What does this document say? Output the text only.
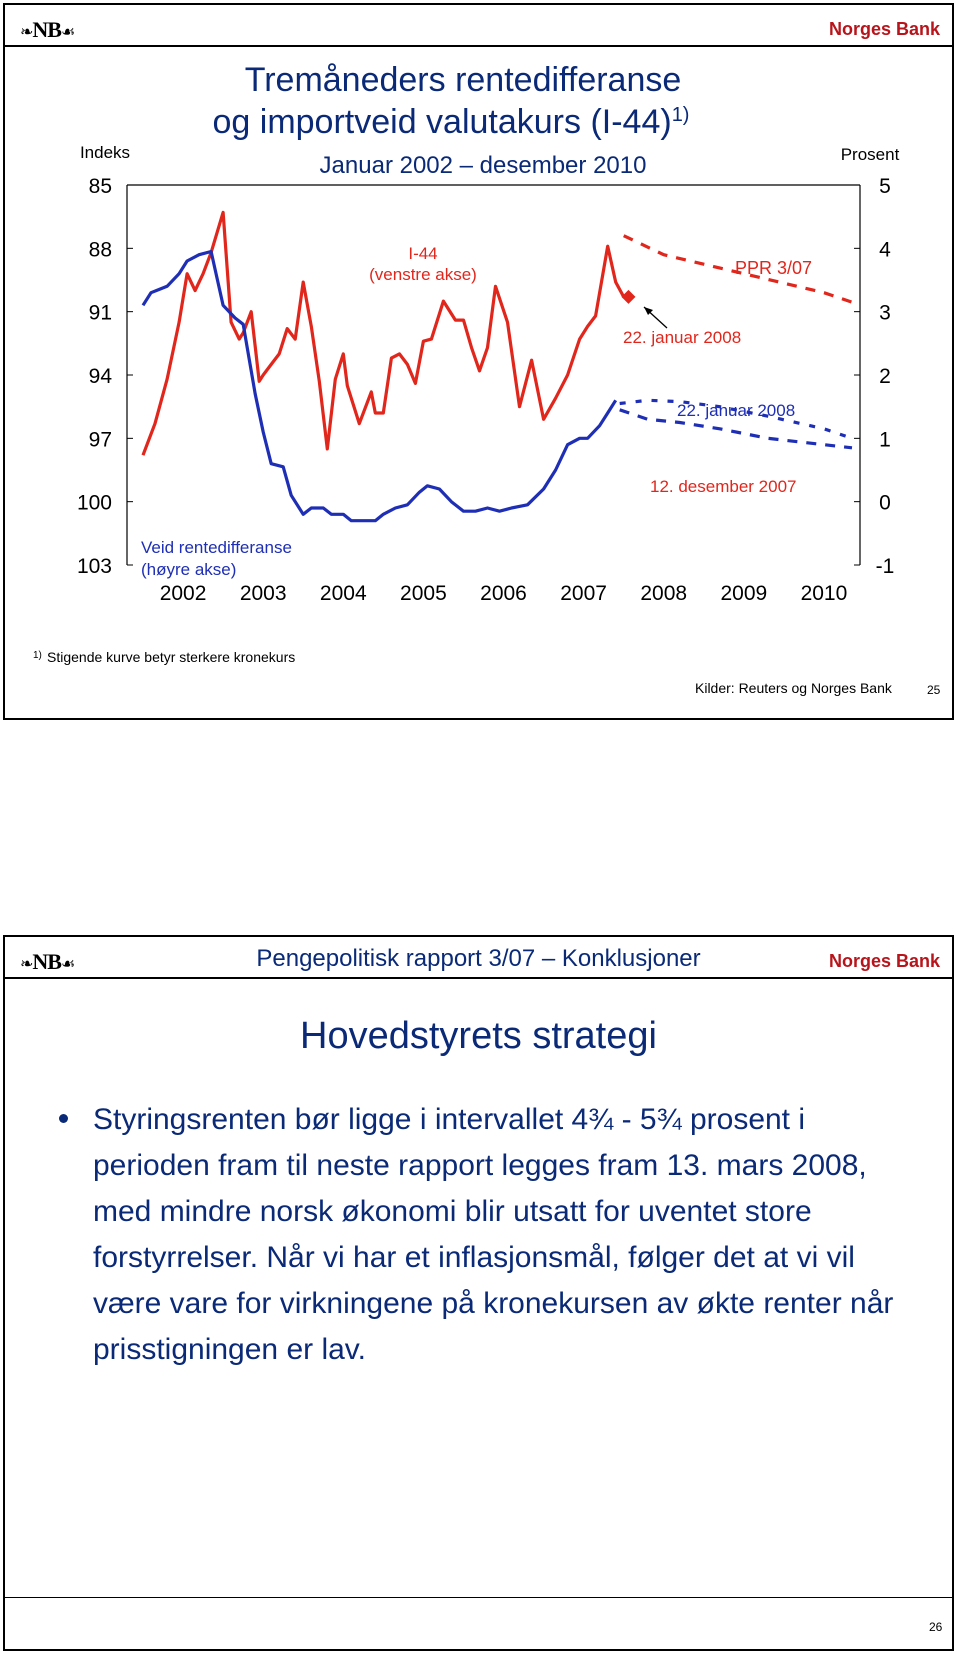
❧NB☙	Norges Bank
Tremåneders rentedifferanse
og importveid valutakurs $(I-44)^{1)}$
Januar 2002 – desember 2010
Indeks	Prosent
85
88
91
94
97
100
103
5
4
3
2
1
0
-1
2002 2003 2004 2005 2006 2007 2008 2009 2010
I-44
(venstre akse)
Veid rentedifferanse
(høyre akse)
PPR 3/07
22. januar 2008
22. januar 2008
12. desember 2007
1) Stigende kurve betyr sterkere kronekurs
Kilder: Reuters og Norges Bank	25
❧NB☙	Pengepolitisk rapport 3/07 – Konklusjoner	Norges Bank
Hovedstyrets strategi
Styringsrenten bør ligge i intervallet 4¾ - 5¾ prosent i perioden fram til neste rapport legges fram 13. mars 2008, med mindre norsk økonomi blir utsatt for uventet store forstyrrelser. Når vi har et inflasjonsmål, følger det at vi vil være vare for virkningene på kronekursen av økte renter når prisstigningen er lav.
26
